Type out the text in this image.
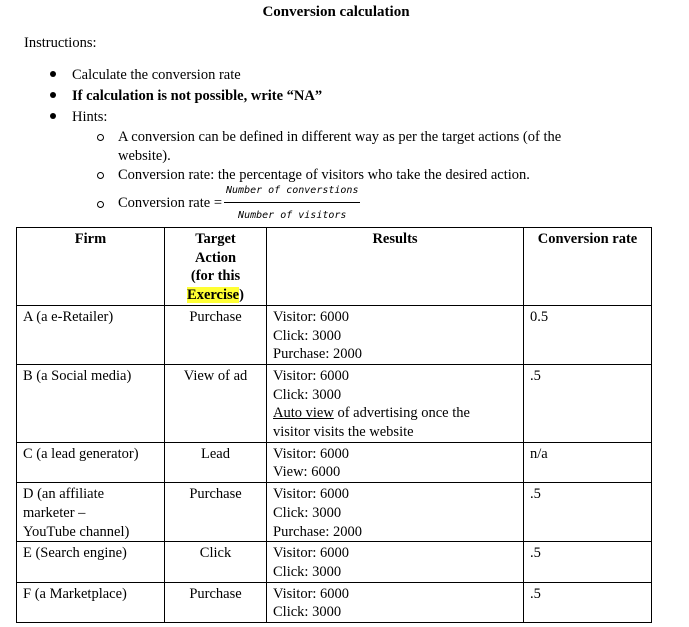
Conversion calculation
Instructions:
Calculate the conversion rate
If calculation is not possible, write “NA”
Hints:
A conversion can be defined in different way as per the target actions (of the
website).
Conversion rate: the percentage of visitors who take the desired action.
Conversion rate = $\frac{\text{Number of converstions}}{\text{Number of visitors}}$
Firm	Target
Action
(for this
Exercise)	Results	Conversion rate
A (a e-Retailer)	Purchase	Visitor: 6000
Click: 3000
Purchase: 2000	0.5
B (a Social media)	View of ad	Visitor: 6000
Click: 3000
Auto view of advertising once the
visitor visits the website	.5
C (a lead generator)	Lead	Visitor: 6000
View: 6000	n/a

D (an affiliate
marketer –
YouTube channel)	Purchase	Visitor: 6000
Click: 3000
Purchase: 2000	.5
E (Search engine)	Click	Visitor: 6000
Click: 3000	.5
F (a Marketplace)	Purchase	Visitor: 6000
Click: 3000	.5
